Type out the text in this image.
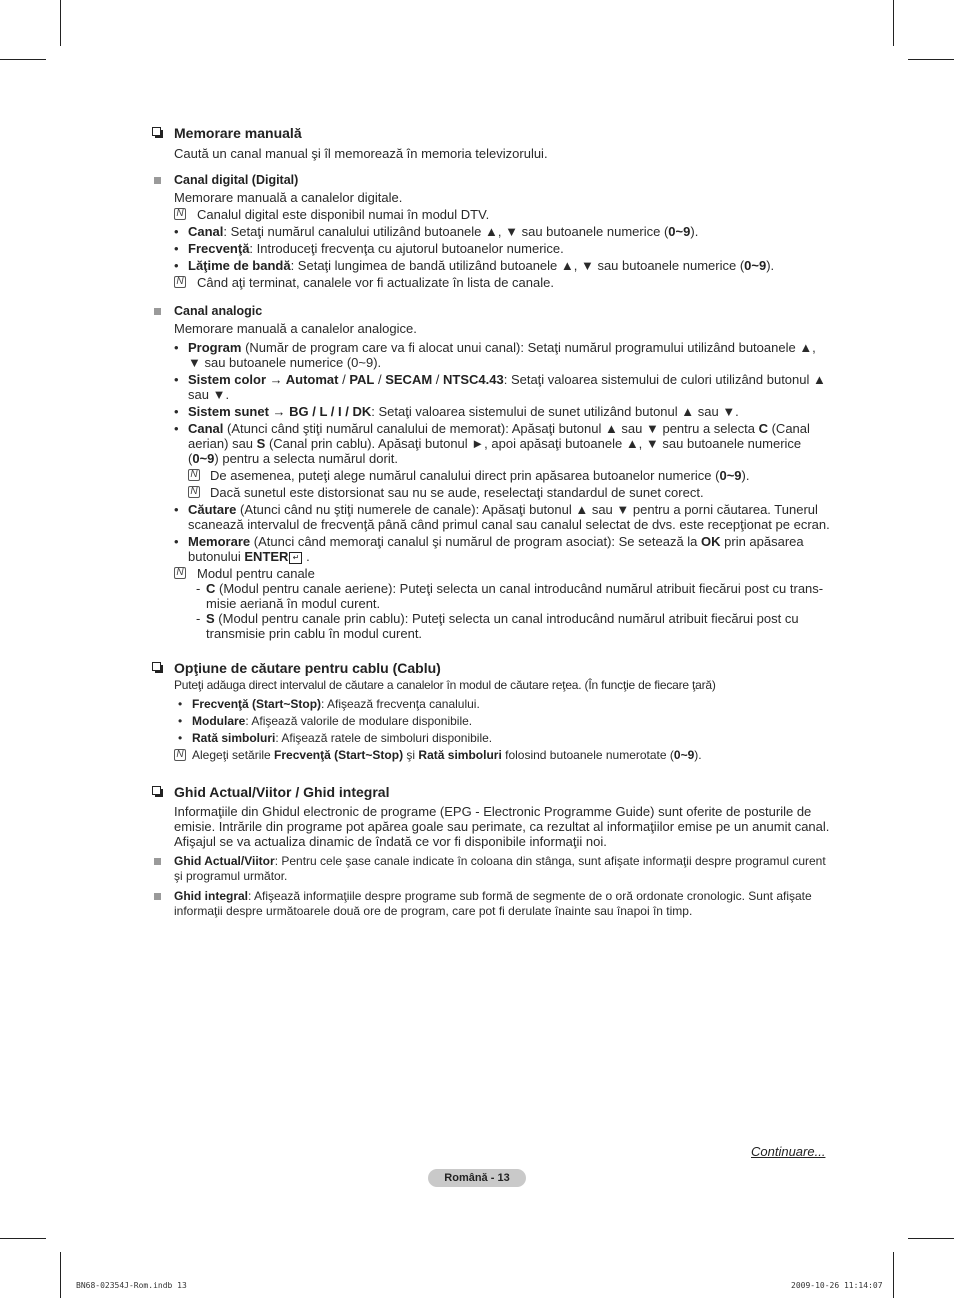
Memorare manuală
Caută un canal manual şi îl memorează în memoria televizorului.
Canal digital (Digital)
Memorare manuală a canalelor digitale.
N Canalul digital este disponibil numai în modul DTV.
• Canal: Setaţi numărul canalului utilizând butoanele ▲, ▼ sau butoanele numerice (0~9).
• Frecvenţă: Introduceţi frecvenţa cu ajutorul butoanelor numerice.
• Lăţime de bandă: Setaţi lungimea de bandă utilizând butoanele ▲, ▼ sau butoanele numerice (0~9).
N Când aţi terminat, canalele vor fi actualizate în lista de canale.
Canal analogic
Memorare manuală a canalelor analogice.
• Program (Număr de program care va fi alocat unui canal): Setaţi numărul programului utilizând butoanele ▲, ▼ sau butoanele numerice (0~9).
• Sistem color → Automat / PAL / SECAM / NTSC4.43: Setaţi valoarea sistemului de culori utilizând butonul ▲ sau ▼.
• Sistem sunet → BG / L / I / DK: Setaţi valoarea sistemului de sunet utilizând butonul ▲ sau ▼.
• Canal (Atunci când ştiţi numărul canalului de memorat): Apăsaţi butonul ▲ sau ▼ pentru a selecta C (Canal aerian) sau S (Canal prin cablu). Apăsaţi butonul ►, apoi apăsaţi butoanele ▲, ▼ sau butoanele numerice (0~9) pentru a selecta numărul dorit.
N De asemenea, puteţi alege numărul canalului direct prin apăsarea butoanelor numerice (0~9).
N Dacă sunetul este distorsionat sau nu se aude, reselectaţi standardul de sunet corect.
• Căutare (Atunci când nu ştiţi numerele de canale): Apăsaţi butonul ▲ sau ▼ pentru a porni căutarea. Tunerul scanează intervalul de frecvenţă până când primul canal sau canalul selectat de dvs. este recepţionat pe ecran.
• Memorare (Atunci când memoraţi canalul şi numărul de program asociat): Se setează la OK prin apăsarea butonului ENTER ↵ .
N Modul pentru canale
- C (Modul pentru canale aeriene): Puteţi selecta un canal introducând numărul atribuit fiecărui post cu trans-misie aeriană în modul curent.
- S (Modul pentru canale prin cablu): Puteţi selecta un canal introducând numărul atribuit fiecărui post cu transmisie prin cablu în modul curent.
Opţiune de căutare pentru cablu (Cablu)
Puteţi adăuga direct intervalul de căutare a canalelor în modul de căutare reţea. (În funcţie de fiecare ţară)
• Frecvenţă (Start~Stop): Afişează frecvenţa canalului.
• Modulare: Afişează valorile de modulare disponibile.
• Rată simboluri: Afişează ratele de simboluri disponibile.
N Alegeţi setările Frecvenţă (Start~Stop) şi Rată simboluri folosind butoanele numerotate (0~9).
Ghid Actual/Viitor / Ghid integral
Informaţiile din Ghidul electronic de programe (EPG - Electronic Programme Guide) sunt oferite de posturile de emisie. Intrările din programe pot apărea goale sau perimate, ca rezultat al informaţiilor emise pe un anumit canal. Afişajul se va actualiza dinamic de îndată ce vor fi disponibile informaţii noi.
Ghid Actual/Viitor: Pentru cele şase canale indicate în coloana din stânga, sunt afişate informaţii despre programul curent şi programul următor.
Ghid integral: Afişează informaţiile despre programe sub formă de segmente de o oră ordonate cronologic. Sunt afişate informaţii despre următoarele două ore de program, care pot fi derulate înainte sau înapoi în timp.
Continuare...
Română - 13
BN68-02354J-Rom.indb 13	2009-10-26 11:14:07
